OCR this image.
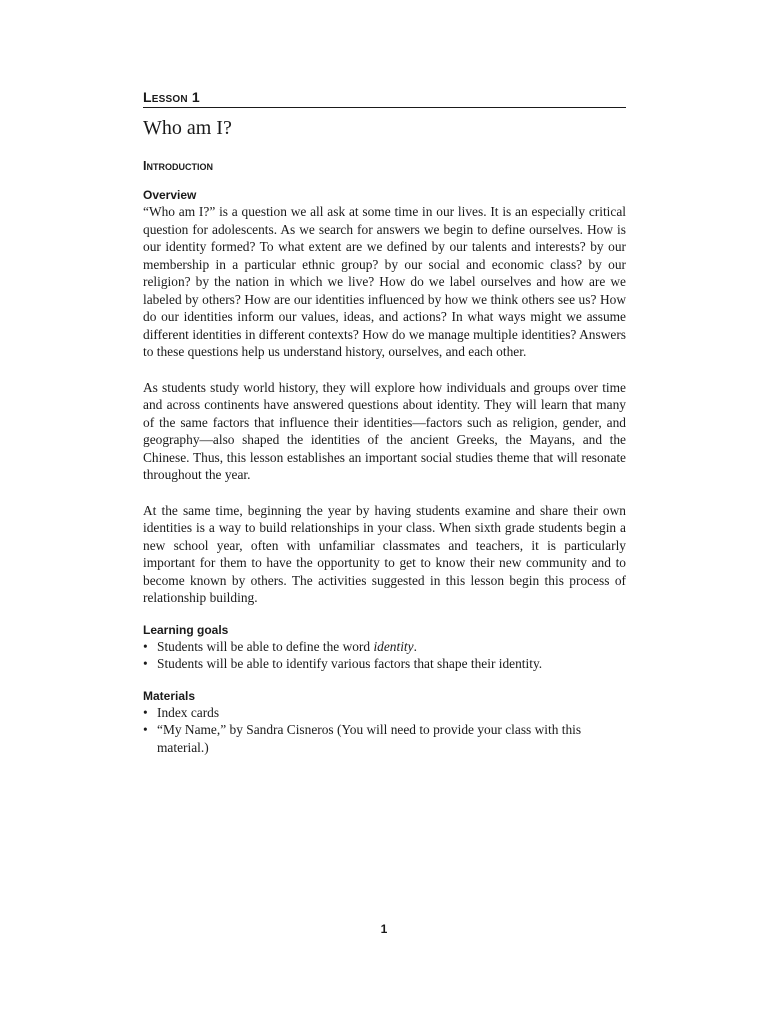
Lesson 1
Who am I?
Introduction
Overview

“Who am I?” is a question we all ask at some time in our lives. It is an especially critical question for adolescents. As we search for answers we begin to define ourselves. How is our identity formed? To what extent are we defined by our talents and interests? by our membership in a particular ethnic group? by our social and economic class? by our religion? by the nation in which we live? How do we label ourselves and how are we labeled by others? How are our identities influenced by how we think others see us? How do our identities inform our values, ideas, and actions? In what ways might we assume different identities in different contexts? How do we manage multiple identities? Answers to these questions help us understand history, ourselves, and each other.

As students study world history, they will explore how individuals and groups over time and across continents have answered questions about identity. They will learn that many of the same factors that influence their identities—factors such as religion, gender, and geography—also shaped the identities of the ancient Greeks, the Mayans, and the Chinese. Thus, this lesson establishes an important social studies theme that will resonate throughout the year.

At the same time, beginning the year by having students examine and share their own identities is a way to build relationships in your class. When sixth grade students begin a new school year, often with unfamiliar classmates and teachers, it is particularly important for them to have the opportunity to get to know their new community and to become known by others. The activities suggested in this lesson begin this process of relationship building.

Learning goals
• Students will be able to define the word identity.
• Students will be able to identify various factors that shape their identity.
Materials
• Index cards
• “My Name,” by Sandra Cisneros (You will need to provide your class with this material.)
1
